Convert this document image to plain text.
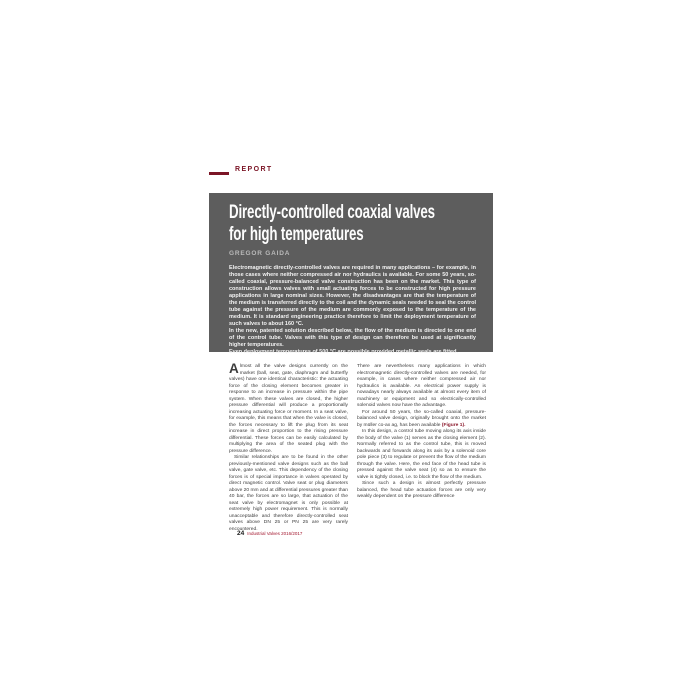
REPORT
Directly-controlled coaxial valves
for high temperatures
GREGOR GAIDA

Electromagnetic directly-controlled valves are required in many applications – for example, in those cases where neither compressed air nor hydraulics is available. For some 50 years, so-called coaxial, pressure-balanced valve construction has been on the market. This type of construction allows valves with small actuating forces to be constructed for high pressure applications in large nominal sizes. However, the disadvantages are that the temperature of the medium is transferred directly to the coil and the dynamic seals needed to seal the control tube against the pressure of the medium are commonly exposed to the temperature of the medium. It is standard engineering practice therefore to limit the deployment temperature of such valves to about 160 °C.

In the new, patented solution described below, the flow of the medium is directed to one end of the control tube. Valves with this type of design can therefore be used at significantly higher temperatures.

Even deployment temperatures of 500 °C are possible provided metallic seals are fitted.

Almost all the valve designs currently on the market (ball, seat, gate, diaphragm and butterfly valves) have one identical characteristic: the actuating force of the closing element becomes greater in response to an increase in pressure within the pipe system. When these valves are closed, the higher pressure differential will produce a proportionally increasing actuating force or moment. In a seat valve, for example, this means that when the valve is closed, the forces necessary to lift the plug from its seat increase in direct proportion to the rising pressure differential. These forces can be easily calculated by multiplying the area of the seated plug with the pressure difference.

Similar relationships are to be found in the other previously-mentioned valve designs such as the ball valve, gate valve, etc. This dependency of the closing forces is of special importance in valves operated by direct magnetic control. Valve seat or plug diameters above 20 mm and at differential pressures greater than 40 bar, the forces are so large, that actuation of the seat valve by electromagnet is only possible at extremely high power requirement. This is normally unacceptable and therefore directly-controlled seat valves above DN 25 or PN 25 are very rarely encountered.

There are nevertheless many applications in which electromagnetic directly-controlled valves are needed, for example, in cases where neither compressed air nor hydraulics is available. An electrical power supply is nowadays nearly always available at almost every item of machinery or equipment and so electrically-controlled solenoid valves now have the advantage.

For around 50 years, the so-called coaxial, pressure-balanced valve design, originally brought onto the market by müller co-ax ag, has been available (Figure 1).

In this design, a control tube moving along its axis inside the body of the valve (1) serves as the closing element (2). Normally referred to as the control tube, this is moved backwards and forwards along its axis by a solenoid core pole piece (3) to regulate or prevent the flow of the medium through the valve. Here, the end face of the head tube is pressed against the valve seat (4) so as to ensure the valve is tightly closed, i.e. to block the flow of the medium.

Since such a design is almost perfectly pressure balanced, the head tube actuation forces are only very weakly dependent on the pressure difference

24 Industrial Valves 2016/2017
